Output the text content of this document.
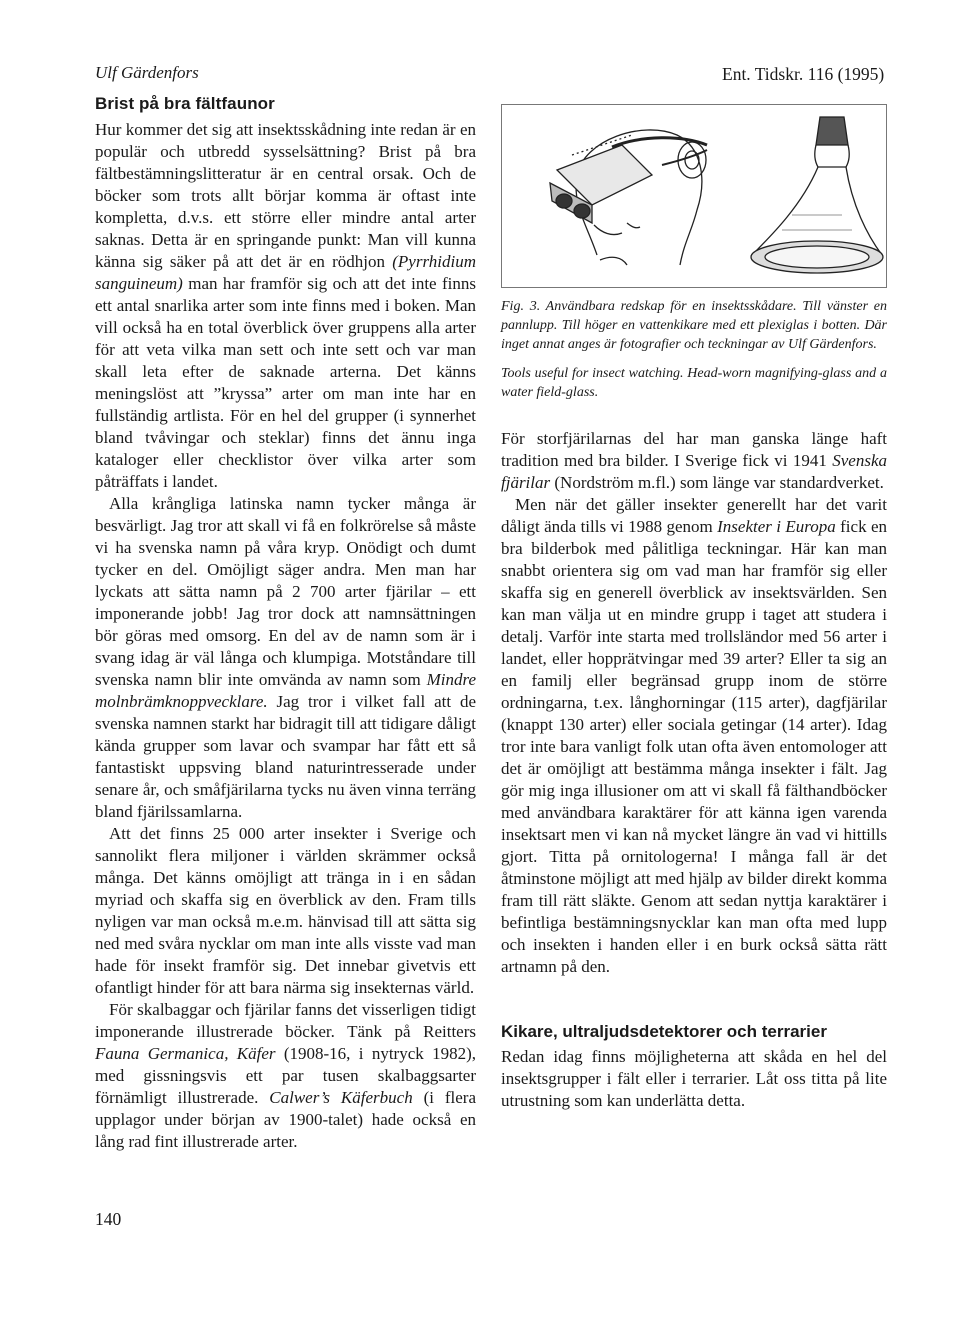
Ulf Gärdenfors	Ent. Tidskr. 116 (1995)
Brist på bra fältfaunor

Hur kommer det sig att insektsskådning inte redan är en populär och utbredd sysselsättning? Brist på bra fältbestämningslitteratur är en central orsak. Och de böcker som trots allt börjar komma är oftast inte kompletta, d.v.s. ett större eller mindre antal arter saknas. Detta är en springande punkt: Man vill kunna känna sig säker på att det är en rödhjon (Pyrrhidium sanguineum) man har framför sig och att det inte finns ett antal snarlika arter som inte finns med i boken. Man vill också ha en total överblick över gruppens alla arter för att veta vilka man sett och inte sett och var man skall leta efter de saknade arterna. Det känns meningslöst att ”kryssa” arter om man inte har en fullständig artlista. För en hel del grupper (i synnerhet bland tvåvingar och steklar) finns det ännu inga kataloger eller checklistor över vilka arter som påträffats i landet.

Alla krångliga latinska namn tycker många är besvärligt. Jag tror att skall vi få en folkrörelse så måste vi ha svenska namn på våra kryp. Onödigt och dumt tycker en del. Omöjligt säger andra. Men man har lyckats att sätta namn på 2 700 arter fjärilar – ett imponerande jobb! Jag tror dock att namnsättningen bör göras med omsorg. En del av de namn som är i svang idag är väl långa och klumpiga. Motståndare till svenska namn blir inte omvända av namn som Mindre molnbrämknoppvecklare. Jag tror i vilket fall att de svenska namnen starkt har bidragit till att tidigare dåligt kända grupper som lavar och svampar har fått ett så fantastiskt uppsving bland naturintresserade under senare år, och småfjärilarna tycks nu även vinna terräng bland fjärilssamlarna.

Att det finns 25 000 arter insekter i Sverige och sannolikt flera miljoner i världen skrämmer också många. Det känns omöjligt att tränga in i en sådan myriad och skaffa sig en överblick av den. Fram tills nyligen var man också m.e.m. hänvisad till att sätta sig ned med svåra nycklar om man inte alls visste vad man hade för insekt framför sig. Det innebar givetvis ett ofantligt hinder för att bara närma sig insekternas värld.

För skalbaggar och fjärilar fanns det visserligen tidigt imponerande illustrerade böcker. Tänk på Reitters Fauna Germanica, Käfer (1908-16, i nytryck 1982), med gissningsvis ett par tusen skalbaggsarter förnämligt illustrerade. Calwer’s Käferbuch (i flera upplagor under början av 1900-talet) hade också en lång rad fint illustrerade arter.

Fig. 3. Användbara redskap för en insektsskådare. Till vänster en pannlupp. Till höger en vattenkikare med ett plexiglas i botten. Där inget annat anges är fotografier och teckningar av Ulf Gärdenfors.
Tools useful for insect watching. Head-worn magnifying-glass and a water field-glass.

För storfjärilarnas del har man ganska länge haft tradition med bra bilder. I Sverige fick vi 1941 Svenska fjärilar (Nordström m.fl.) som länge var standardverket.

Men när det gäller insekter generellt har det varit dåligt ända tills vi 1988 genom Insekter i Europa fick en bra bilderbok med pålitliga teckningar. Här kan man snabbt orientera sig om vad man har framför sig eller skaffa sig en generell överblick av insektsvärlden. Sen kan man välja ut en mindre grupp i taget att studera i detalj. Varför inte starta med trollsländor med 56 arter i landet, eller hopprätvingar med 39 arter? Eller ta sig an en familj eller begränsad grupp inom de större ordningarna, t.ex. långhorningar (115 arter), dagfjärilar (knappt 130 arter) eller sociala getingar (14 arter). Idag tror inte bara vanligt folk utan ofta även entomologer att det är omöjligt att bestämma många insekter i fält. Jag gör mig inga illusioner om att vi skall få fälthandböcker med användbara karaktärer för att känna igen varenda insektsart men vi kan nå mycket längre än vad vi hittills gjort. Titta på ornitologerna! I många fall är det åtminstone möjligt att med hjälp av bilder direkt komma fram till rätt släkte. Genom att sedan nyttja karaktärer i befintliga bestämningsnycklar kan man ofta med lupp och insekten i handen eller i en burk också sätta rätt artnamn på den.

Kikare, ultraljudsdetektorer och terrarier

Redan idag finns möjligheterna att skåda en hel del insektsgrupper i fält eller i terrarier. Låt oss titta på lite utrustning som kan underlätta detta.

140
